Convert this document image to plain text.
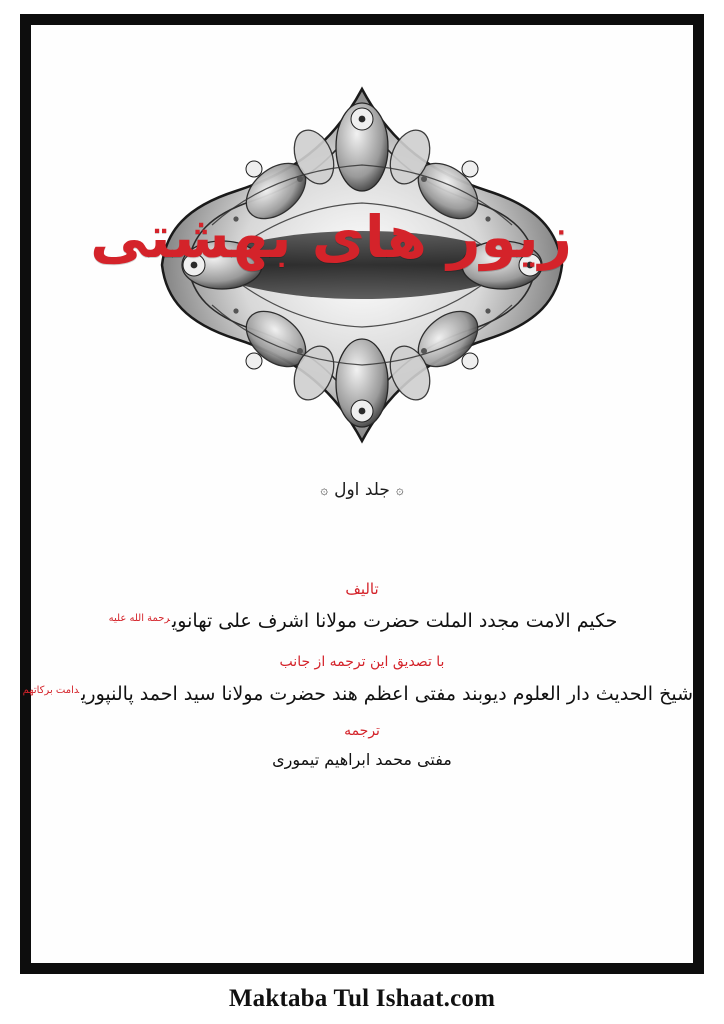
زیور های بهشتی
۞جلد اول۞
تاليف
حكيم الامت مجدد الملت حضرت مولانا اشرف علی تهانوی$^{رحمة الله عليه}$
با تصديق اين ترجمه از جانب
شيخ الحديث دار العلوم ديوبند مفتی اعظم هند حضرت مولانا سيد احمد پالنپوری$^{دامت بركاتهم}$
ترجمه
مفتی محمد ابراهيم تيموری
Maktaba Tul Ishaat.com
